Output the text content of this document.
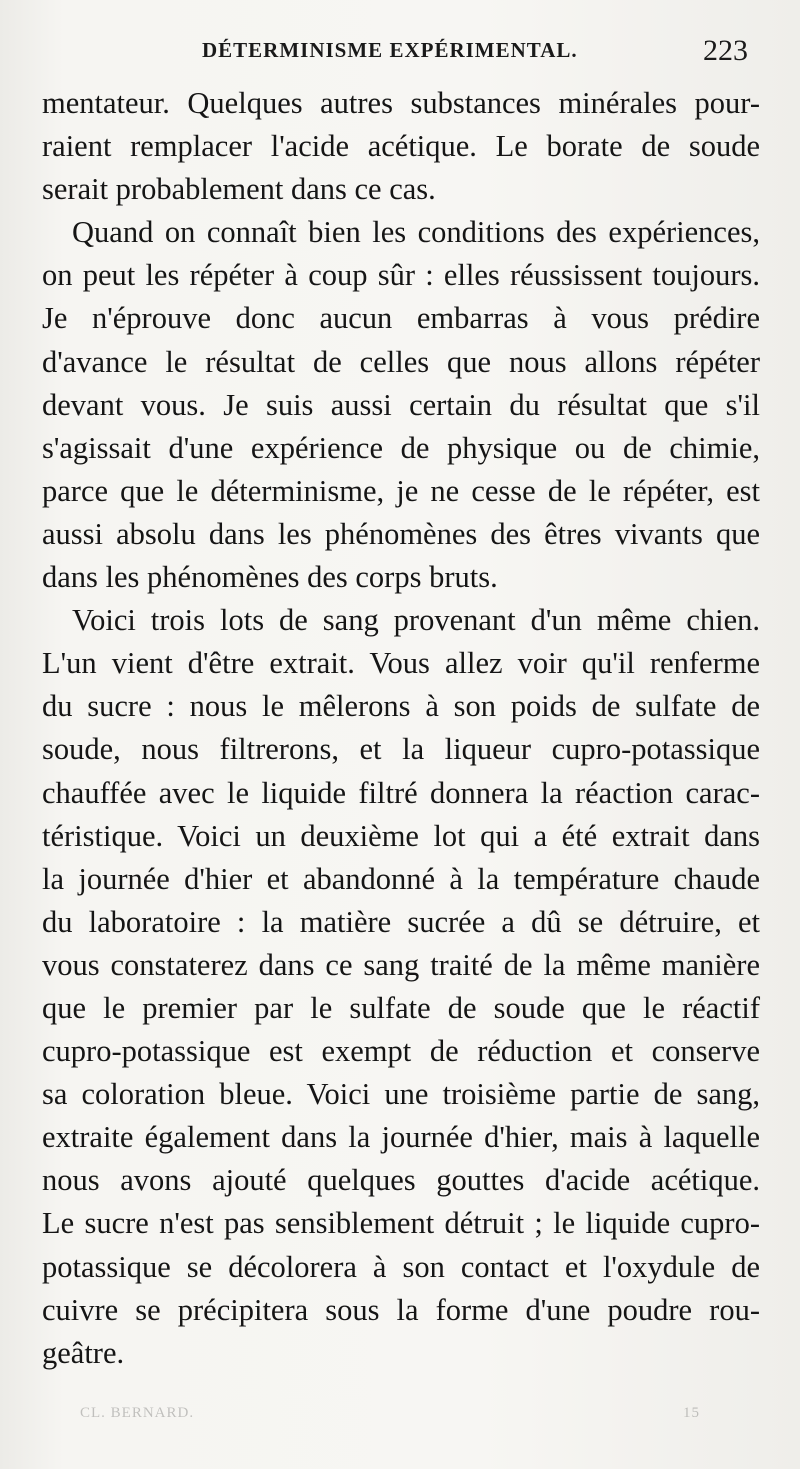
DÉTERMINISME EXPÉRIMENTAL.	223
mentateur. Quelques autres substances minérales pour-
raient remplacer l'acide acétique. Le borate de soude
serait probablement dans ce cas.
Quand on connaît bien les conditions des expériences,
on peut les répéter à coup sûr : elles réussissent toujours.
Je n'éprouve donc aucun embarras à vous prédire
d'avance le résultat de celles que nous allons répéter
devant vous. Je suis aussi certain du résultat que s'il
s'agissait d'une expérience de physique ou de chimie,
parce que le déterminisme, je ne cesse de le répéter, est
aussi absolu dans les phénomènes des êtres vivants que
dans les phénomènes des corps bruts.
Voici trois lots de sang provenant d'un même chien.
L'un vient d'être extrait. Vous allez voir qu'il renferme
du sucre : nous le mêlerons à son poids de sulfate de
soude, nous filtrerons, et la liqueur cupro-potassique
chauffée avec le liquide filtré donnera la réaction carac-
téristique. Voici un deuxième lot qui a été extrait dans
la journée d'hier et abandonné à la température chaude
du laboratoire : la matière sucrée a dû se détruire, et
vous constaterez dans ce sang traité de la même manière
que le premier par le sulfate de soude que le réactif
cupro-potassique est exempt de réduction et conserve
sa coloration bleue. Voici une troisième partie de sang,
extraite également dans la journée d'hier, mais à laquelle
nous avons ajouté quelques gouttes d'acide acétique.
Le sucre n'est pas sensiblement détruit ; le liquide cupro-
potassique se décolorera à son contact et l'oxydule de
cuivre se précipitera sous la forme d'une poudre rou-
geâtre.
CL. BERNARD.	15
